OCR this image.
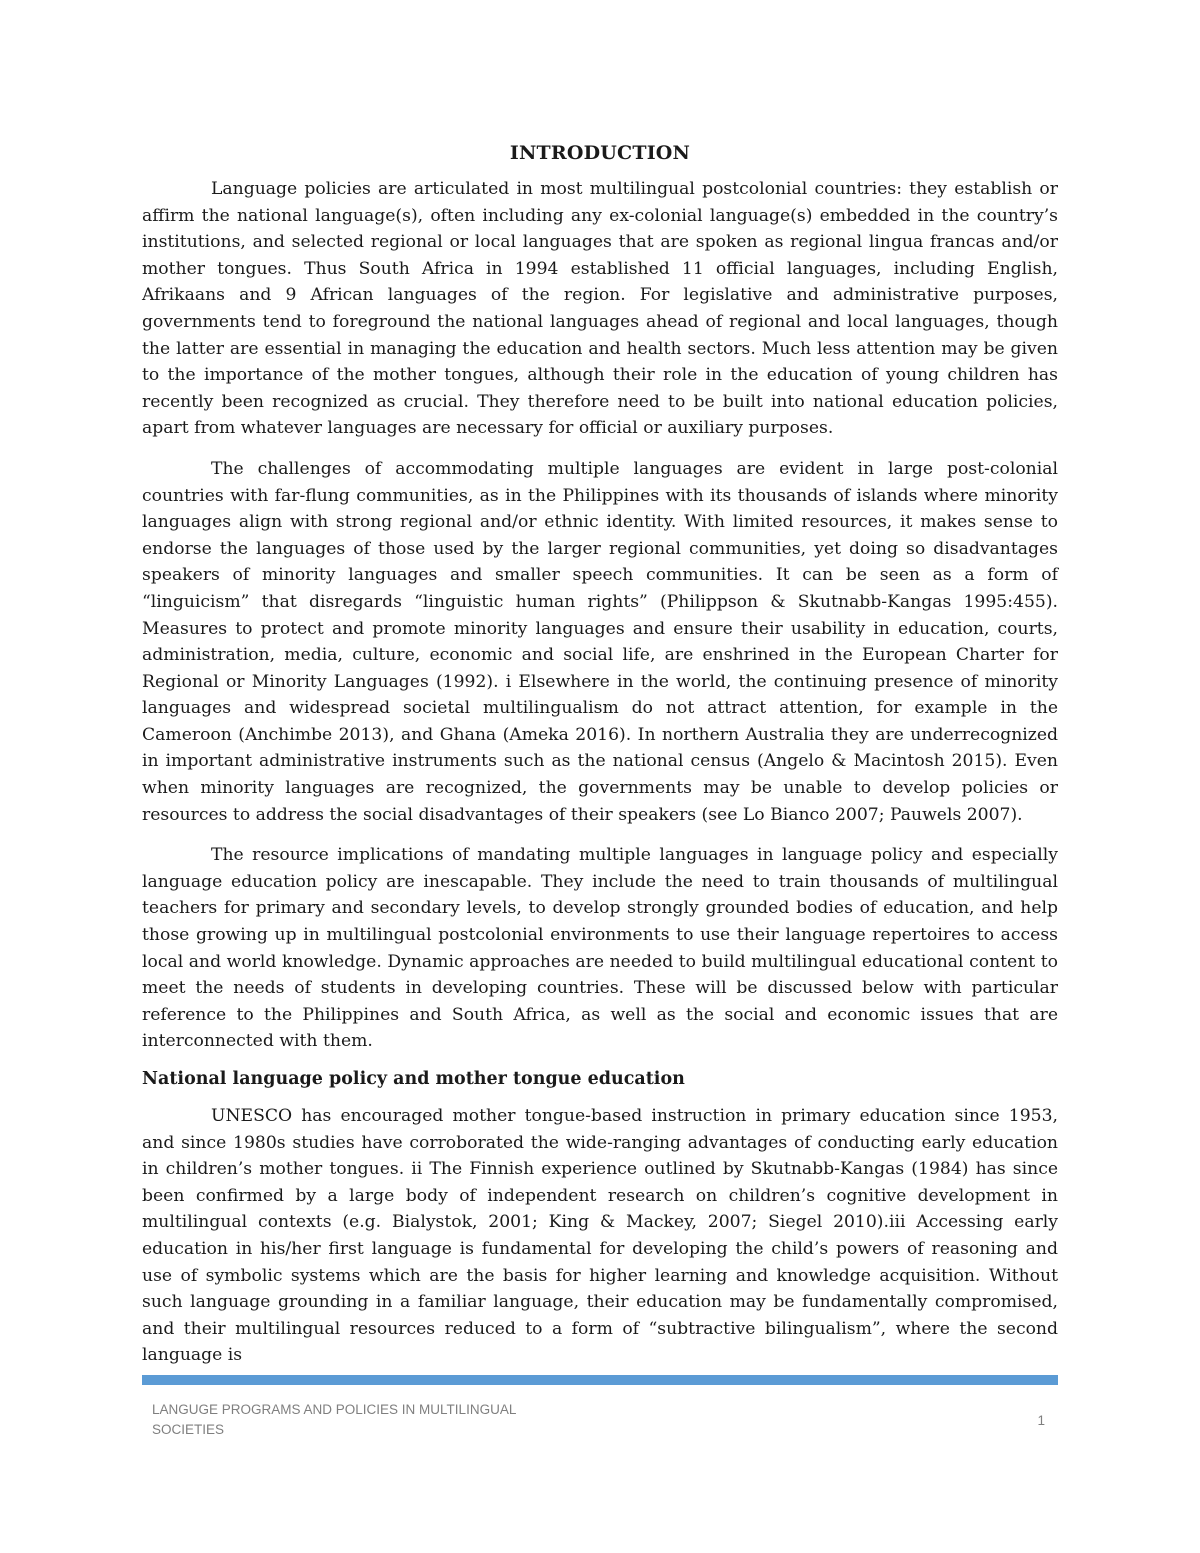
INTRODUCTION

Language policies are articulated in most multilingual postcolonial countries: they establish or affirm the national language(s), often including any ex-colonial language(s) embedded in the country’s institutions, and selected regional or local languages that are spoken as regional lingua francas and/or mother tongues. Thus South Africa in 1994 established 11 official languages, including English, Afrikaans and 9 African languages of the region. For legislative and administrative purposes, governments tend to foreground the national languages ahead of regional and local languages, though the latter are essential in managing the education and health sectors. Much less attention may be given to the importance of the mother tongues, although their role in the education of young children has recently been recognized as crucial. They therefore need to be built into national education policies, apart from whatever languages are necessary for official or auxiliary purposes.

The challenges of accommodating multiple languages are evident in large post-colonial countries with far-flung communities, as in the Philippines with its thousands of islands where minority languages align with strong regional and/or ethnic identity. With limited resources, it makes sense to endorse the languages of those used by the larger regional communities, yet doing so disadvantages speakers of minority languages and smaller speech communities. It can be seen as a form of “linguicism” that disregards “linguistic human rights” (Philippson & Skutnabb-Kangas 1995:455). Measures to protect and promote minority languages and ensure their usability in education, courts, administration, media, culture, economic and social life, are enshrined in the European Charter for Regional or Minority Languages (1992). i Elsewhere in the world, the continuing presence of minority languages and widespread societal multilingualism do not attract attention, for example in the Cameroon (Anchimbe 2013), and Ghana (Ameka 2016). In northern Australia they are underrecognized in important administrative instruments such as the national census (Angelo & Macintosh 2015). Even when minority languages are recognized, the governments may be unable to develop policies or resources to address the social disadvantages of their speakers (see Lo Bianco 2007; Pauwels 2007).

The resource implications of mandating multiple languages in language policy and especially language education policy are inescapable. They include the need to train thousands of multilingual teachers for primary and secondary levels, to develop strongly grounded bodies of education, and help those growing up in multilingual postcolonial environments to use their language repertoires to access local and world knowledge. Dynamic approaches are needed to build multilingual educational content to meet the needs of students in developing countries. These will be discussed below with particular reference to the Philippines and South Africa, as well as the social and economic issues that are interconnected with them.

National language policy and mother tongue education

UNESCO has encouraged mother tongue-based instruction in primary education since 1953, and since 1980s studies have corroborated the wide-ranging advantages of conducting early education in children’s mother tongues. ii The Finnish experience outlined by Skutnabb-Kangas (1984) has since been confirmed by a large body of independent research on children’s cognitive development in multilingual contexts (e.g. Bialystok, 2001; King & Mackey, 2007; Siegel 2010).iii Accessing early education in his/her first language is fundamental for developing the child’s powers of reasoning and use of symbolic systems which are the basis for higher learning and knowledge acquisition. Without such language grounding in a familiar language, their education may be fundamentally compromised, and their multilingual resources reduced to a form of “subtractive bilingualism”, where the second language is

LANGUGE PROGRAMS AND POLICIES IN MULTILINGUAL SOCIETIES
1
